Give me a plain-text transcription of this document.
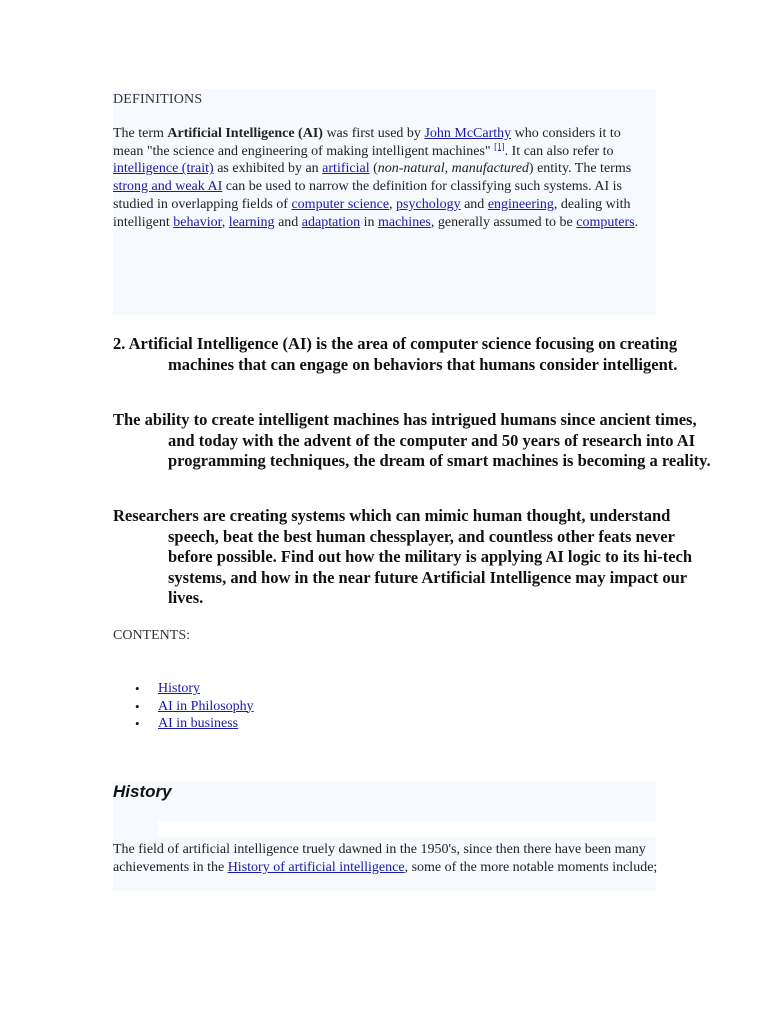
DEFINITIONS
The term Artificial Intelligence (AI) was first used by John McCarthy who considers it to mean "the science and engineering of making intelligent machines" [1]. It can also refer to intelligence (trait) as exhibited by an artificial (non-natural, manufactured) entity. The terms strong and weak AI can be used to narrow the definition for classifying such systems. AI is studied in overlapping fields of computer science, psychology and engineering, dealing with intelligent behavior, learning and adaptation in machines, generally assumed to be computers.

2. Artificial Intelligence (AI) is the area of computer science focusing on creating machines that can engage on behaviors that humans consider intelligent.

The ability to create intelligent machines has intrigued humans since ancient times, and today with the advent of the computer and 50 years of research into AI programming techniques, the dream of smart machines is becoming a reality.

Researchers are creating systems which can mimic human thought, understand speech, beat the best human chessplayer, and countless other feats never before possible. Find out how the military is applying AI logic to its hi-tech systems, and how in the near future Artificial Intelligence may impact our lives.

CONTENTS:
• History
• AI in Philosophy
• AI in business
History
The field of artificial intelligence truely dawned in the 1950's, since then there have been many achievements in the History of artificial intelligence, some of the more notable moments include;
